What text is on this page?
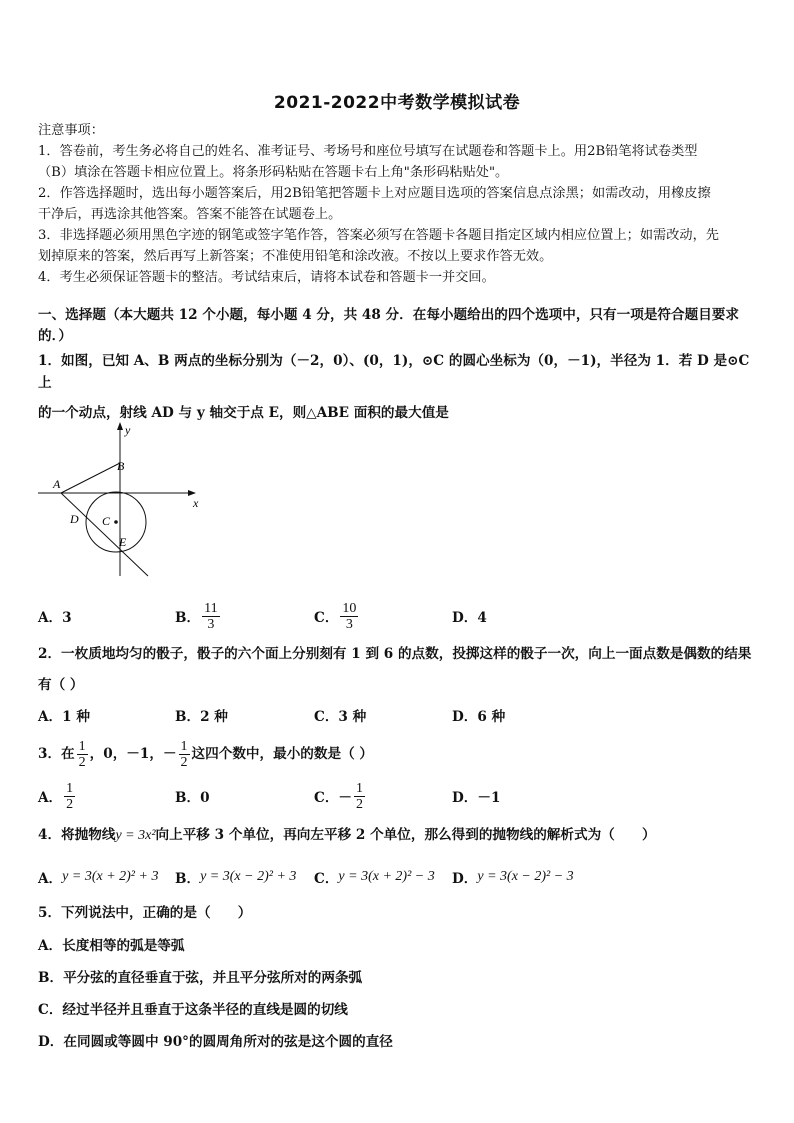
2021-2022中考数学模拟试卷
注意事项：
1．答卷前，考生务必将自己的姓名、准考证号、考场号和座位号填写在试题卷和答题卡上。用2B铅笔将试卷类型
（B）填涂在答题卡相应位置上。将条形码粘贴在答题卡右上角"条形码粘贴处"。
2．作答选择题时，选出每小题答案后，用2B铅笔把答题卡上对应题目选项的答案信息点涂黑；如需改动，用橡皮擦
干净后，再选涂其他答案。答案不能答在试题卷上。
3．非选择题必须用黑色字迹的钢笔或签字笔作答，答案必须写在答题卡各题目指定区域内相应位置上；如需改动，先
划掉原来的答案，然后再写上新答案；不准使用铅笔和涂改液。不按以上要求作答无效。
4．考生必须保证答题卡的整洁。考试结束后，请将本试卷和答题卡一并交回。
一、选择题（本大题共 12 个小题，每小题 4 分，共 48 分．在每小题给出的四个选项中，只有一项是符合题目要求
的．）
1．如图，已知 A、B 两点的坐标分别为（－2，0）、(0，1)，⊙C 的圆心坐标为（0，－1)，半径为 1．若 D 是⊙C 上
的一个动点，射线 AD 与 y 轴交于点 E，则△ABE 面积的最大值是
y
x
A
B
C
D
E
A．3	B． $\frac{11}{3}$	C． $\frac{10}{3}$	D．4
2．一枚质地均匀的骰子，骰子的六个面上分别刻有 1 到 6 的点数，投掷这样的骰子一次，向上一面点数是偶数的结果
有（ ）
A．1 种	B．2 种	C．3 种	D．6 种
3．在 $\frac{1}{2}$ ，0，－1，－ $\frac{1}{2}$ 这四个数中，最小的数是（ ）
A． $\frac{1}{2}$	B．0	C．－ $\frac{1}{2}$	D．－1
4．将抛物线y = 3x²向上平移 3 个单位，再向左平移 2 个单位，那么得到的抛物线的解析式为（　　）
A． y = 3(x + 2)² + 3 B． y = 3(x − 2)² + 3 C． y = 3(x + 2)² − 3 D． y = 3(x − 2)² − 3
5．下列说法中，正确的是（　　）
A．长度相等的弧是等弧
B．平分弦的直径垂直于弦，并且平分弦所对的两条弧
C．经过半径并且垂直于这条半径的直线是圆的切线
D．在同圆或等圆中 90°的圆周角所对的弦是这个圆的直径
